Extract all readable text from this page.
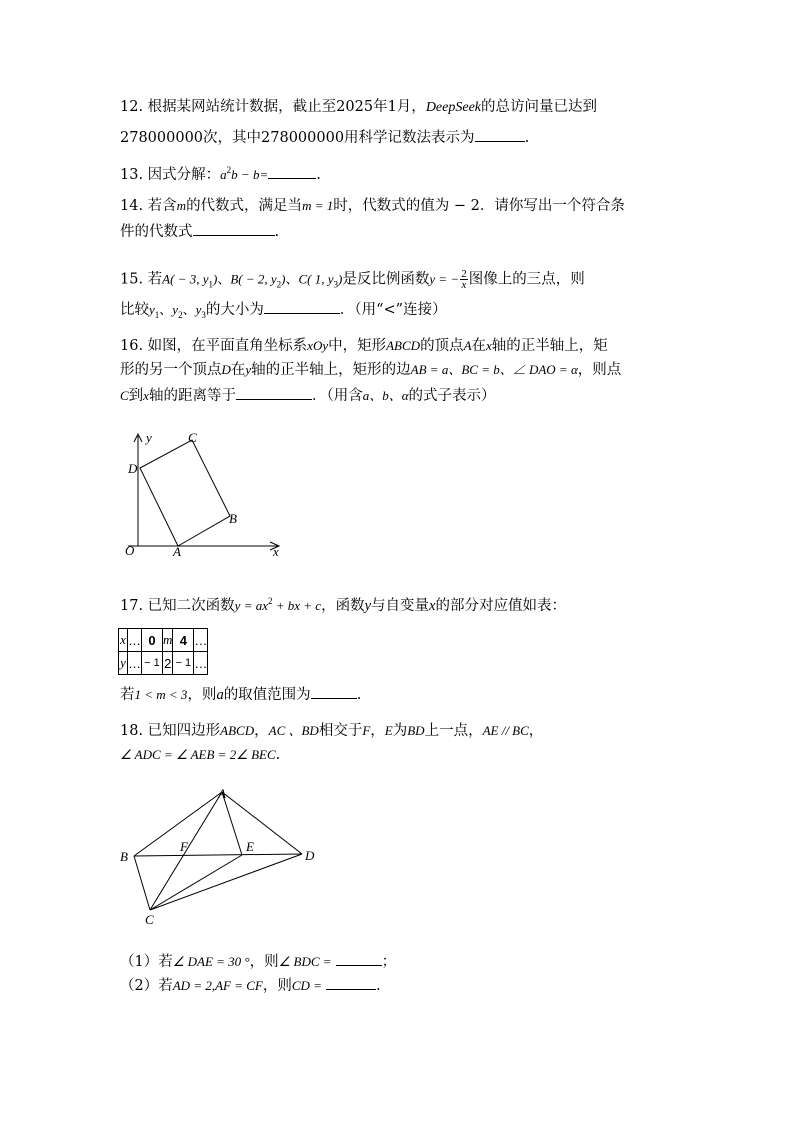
12. 根据某网站统计数据，截止至2025年1月，DeepSeek的总访问量已达到
278000000次，其中278000000用科学记数法表示为	.
13. 因式分解：$a^2b - b=$	.
14. 若含m的代数式，满足当m = 1时，代数式的值为 − 2．请你写出一个符合条
件的代数式	.
15. 若A( − 3, $y_1$)、B( − 2, $y_2$)、C( 1, $y_3$)是反比例函数y = − $\frac{2}{x}$ 图像上的三点，则
比较$y_1$、$y_2$、$y_3$的大小为	．（用“<”连接）
16. 如图，在平面直角坐标系xOy中，矩形ABCD的顶点A在x轴的正半轴上，矩
形的另一个顶点D在y轴的正半轴上，矩形的边AB = a、BC = b、∠ DAO = α，则点
C到x轴的距离等于	．（用含a、b、α的式子表示）
y	C
D
B
O	A	x
17. 已知二次函数$y = ax^2$ + bx + c，函数y与自变量x的部分对应值如表：
x	…	0	m	4	…
y	…	− 1	2	− 1	…
若1 < m < 3，则a的取值范围为	.
18. 已知四边形ABCD，AC 、BD相交于F，E为BD上一点，AE // BC，
∠ ADC = ∠ AEB = 2∠ BEC.
A
B
C
D
E
F
（1）若∠ DAE = 30 °，则∠ BDC =	；
（2）若AD = 2,AF = CF，则CD =	.
